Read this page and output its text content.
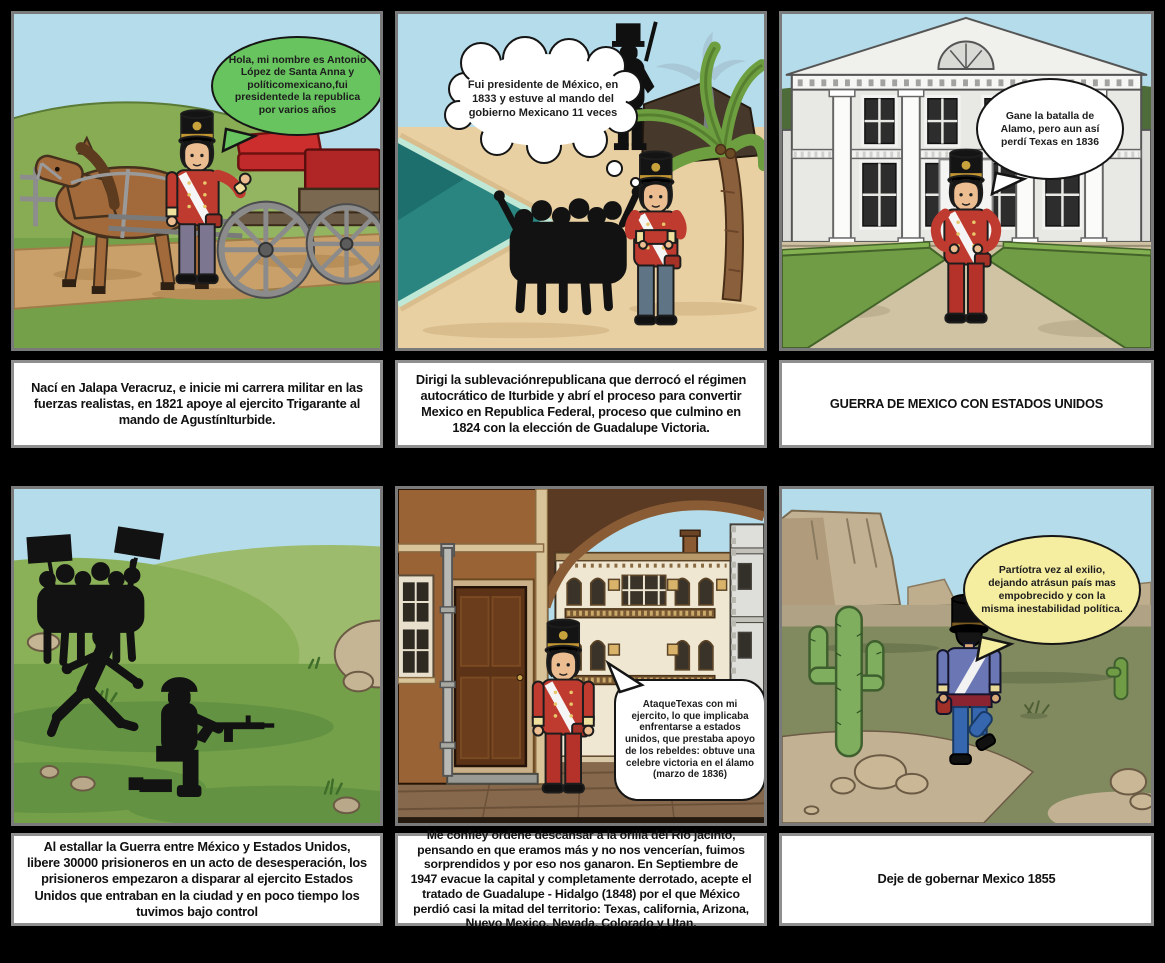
Hola, mi nombre es Antonio López de Santa Anna y políticomexicano,fui presidentede la republica por varios años
Nací en Jalapa Veracruz, e inicie mi carrera militar en las fuerzas realistas, en 1821 apoye al ejercito Trigarante al mando de AgustínIturbide.
Fui presidente de México, en 1833 y estuve al mando del gobierno Mexicano 11 veces
Dirigi la sublevaciónrepublicana que derrocó el régimen autocrático de Iturbide y abrí el proceso para convertir Mexico en Republica Federal, proceso que culmino en 1824 con la elección de Guadalupe Victoria.
Gane la batalla de Alamo, pero aun así perdí Texas en 1836
GUERRA DE MEXICO CON ESTADOS UNIDOS
Al estallar la Guerra entre México y Estados Unidos, libere 30000 prisioneros en un acto de desesperación, los prisioneros empezaron a disparar al ejercito Estados Unidos que entraban en la ciudad y en poco tiempo los tuvimos bajo control
AtaqueTexas con mi ejercito, lo que implicaba enfrentarse a estados unidos, que prestaba apoyo de los rebeldes: obtuve una celebre victoria en el álamo (marzo de 1836)
Me confiéy ordene descansar a la orilla del Rio jacinto, pensando en que eramos más y no nos vencerían, fuimos sorprendidos y por eso nos ganaron. En Septiembre de 1947 evacue la capital y completamente derrotado, acepte el tratado de Guadalupe - Hidalgo (1848) por el que México perdió casi la mitad del territorio: Texas, california, Arizona, Nuevo Mexico, Nevada, Colorado y Utan.
Partíotra vez al exilio, dejando atrásun país mas empobrecido y con la misma inestabilidad política.
Deje de gobernar Mexico 1855
